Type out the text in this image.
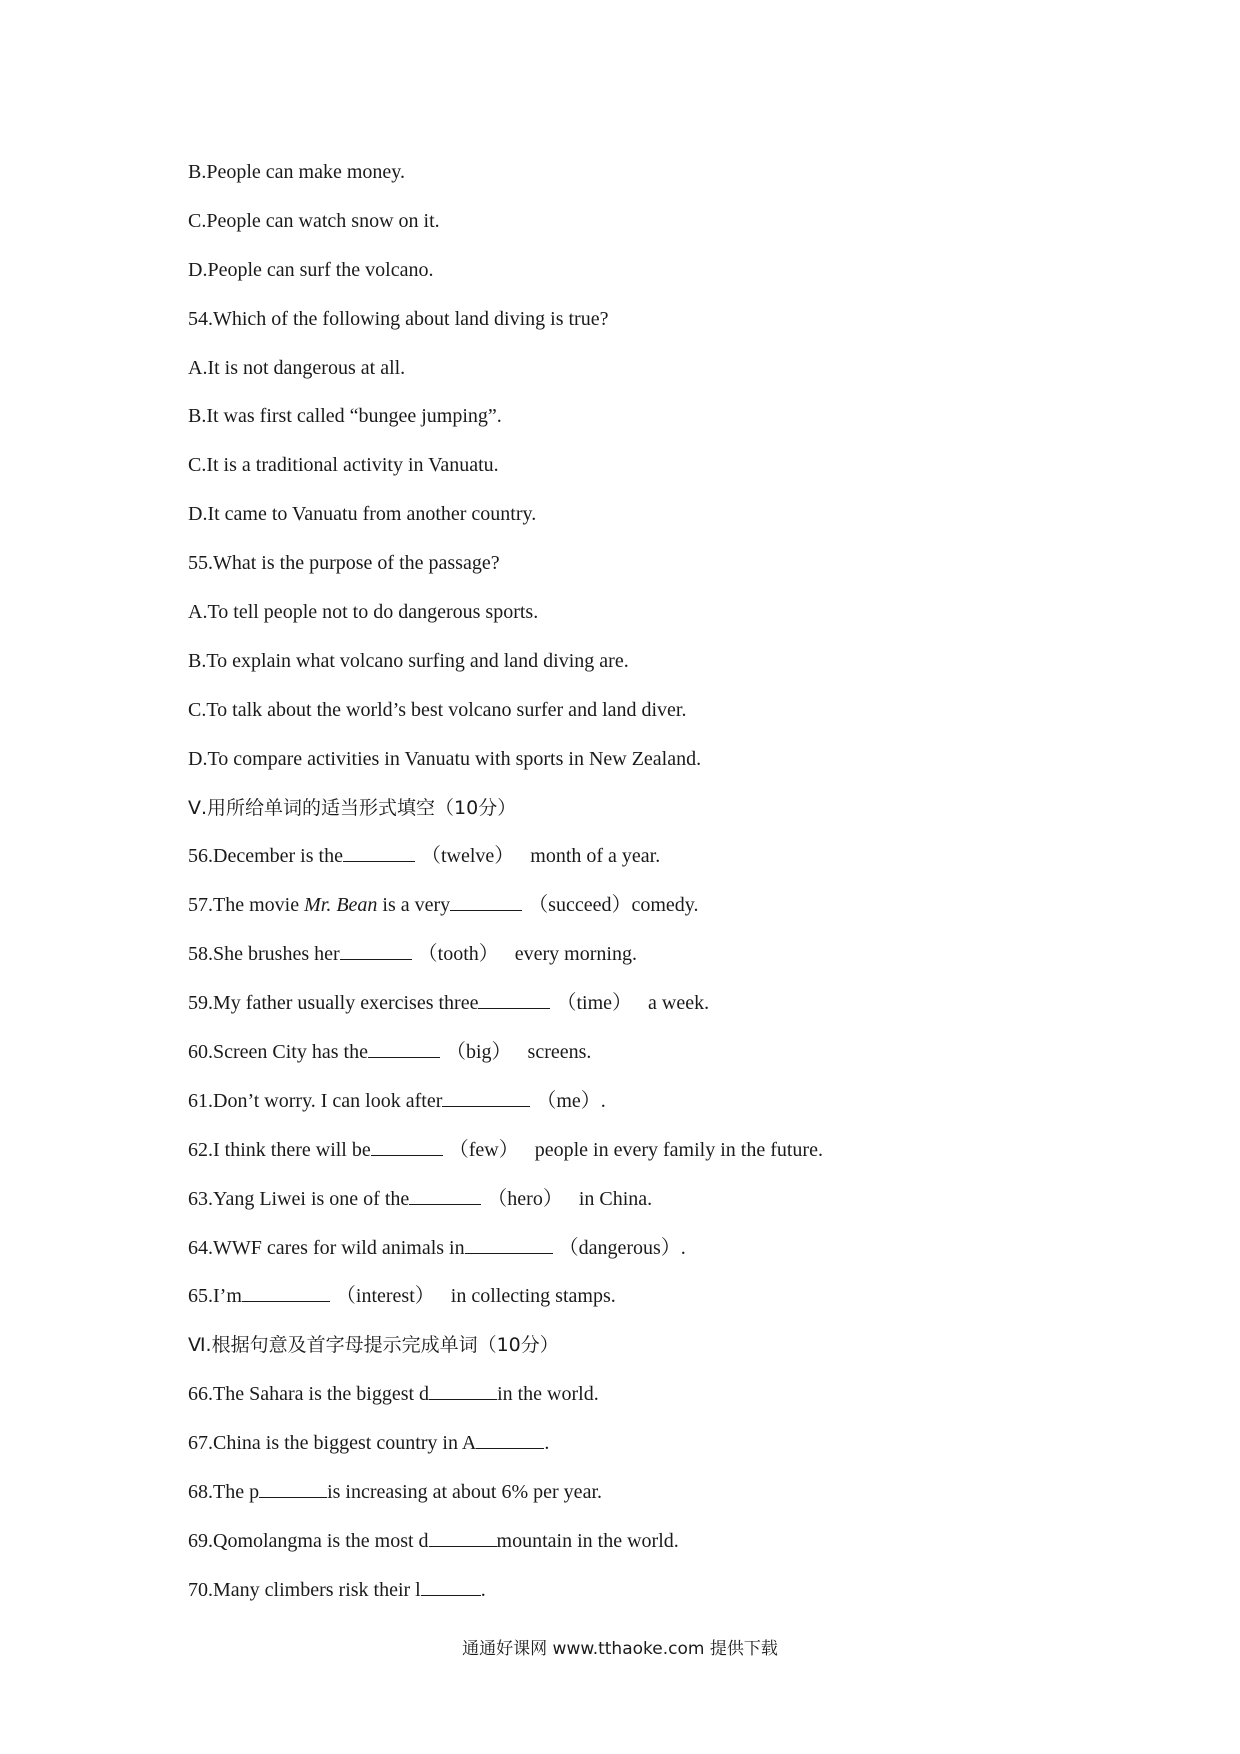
B.People can make money.
C.People can watch snow on it.
D.People can surf the volcano.
54.Which of the following about land diving is true?
A.It is not dangerous at all.
B.It was first called “bungee jumping”.
C.It is a traditional activity in Vanuatu.
D.It came to Vanuatu from another country.
55.What is the purpose of the passage?
A.To tell people not to do dangerous sports.
B.To explain what volcano surfing and land diving are.
C.To talk about the world’s best volcano surfer and land diver.
D.To compare activities in Vanuatu with sports in New Zealand.
Ⅴ.用所给单词的适当形式填空（10分）
56.December is the	（twelve） month of a year.
57.The movie Mr. Bean is a very	（succeed）comedy.
58.She brushes her	（tooth） every morning.
59.My father usually exercises three	（time） a week.
60.Screen City has the	（big） screens.
61.Don’t worry. I can look after	（me）.
62.I think there will be	（few） people in every family in the future.
63.Yang Liwei is one of the	（hero） in China.
64.WWF cares for wild animals in	（dangerous）.
65.I’m	（interest） in collecting stamps.
Ⅵ.根据句意及首字母提示完成单词（10分）
66.The Sahara is the biggest d	in the world.
67.China is the biggest country in A	.
68.The p	is increasing at about 6% per year.
69.Qomolangma is the most d	mountain in the world.
70.Many climbers risk their l	.
通通好课网 www.tthaoke.com 提供下载
